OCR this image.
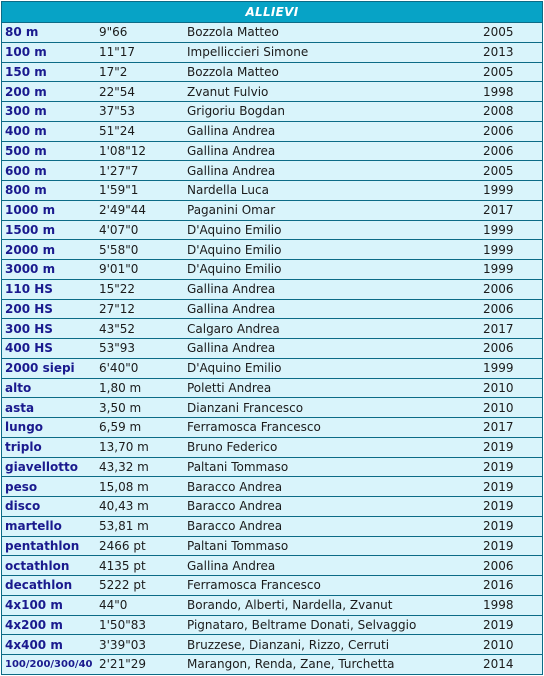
ALLIEVI
80 m	9"66	Bozzola Matteo	2005
100 m	11"17	Impelliccieri Simone	2013
150 m	17"2	Bozzola Matteo	2005
200 m	22"54	Zvanut Fulvio	1998
300 m	37"53	Grigoriu Bogdan	2008
400 m	51"24	Gallina Andrea	2006
500 m	1'08"12	Gallina Andrea	2006
600 m	1'27"7	Gallina Andrea	2005
800 m	1'59"1	Nardella Luca	1999
1000 m	2'49"44	Paganini Omar	2017
1500 m	4'07"0	D'Aquino Emilio	1999
2000 m	5'58"0	D'Aquino Emilio	1999
3000 m	9'01"0	D'Aquino Emilio	1999
110 HS	15"22	Gallina Andrea	2006
200 HS	27"12	Gallina Andrea	2006
300 HS	43"52	Calgaro Andrea	2017
400 HS	53"93	Gallina Andrea	2006
2000 siepi	6'40"0	D'Aquino Emilio	1999
alto	1,80 m	Poletti Andrea	2010
asta	3,50 m	Dianzani Francesco	2010
lungo	6,59 m	Ferramosca Francesco	2017
triplo	13,70 m	Bruno Federico	2019
giavellotto	43,32 m	Paltani Tommaso	2019
peso	15,08 m	Baracco Andrea	2019
disco	40,43 m	Baracco Andrea	2019
martello	53,81 m	Baracco Andrea	2019
pentathlon	2466 pt	Paltani Tommaso	2019
octathlon	4135 pt	Gallina Andrea	2006
decathlon	5222 pt	Ferramosca Francesco	2016
4x100 m	44"0	Borando, Alberti, Nardella, Zvanut	1998
4x200 m	1'50"83	Pignataro, Beltrame Donati, Selvaggio	2019
4x400 m	3'39"03	Bruzzese, Dianzani, Rizzo, Cerruti	2010
100/200/300/40 2'21"29	Marangon, Renda, Zane, Turchetta	2014
